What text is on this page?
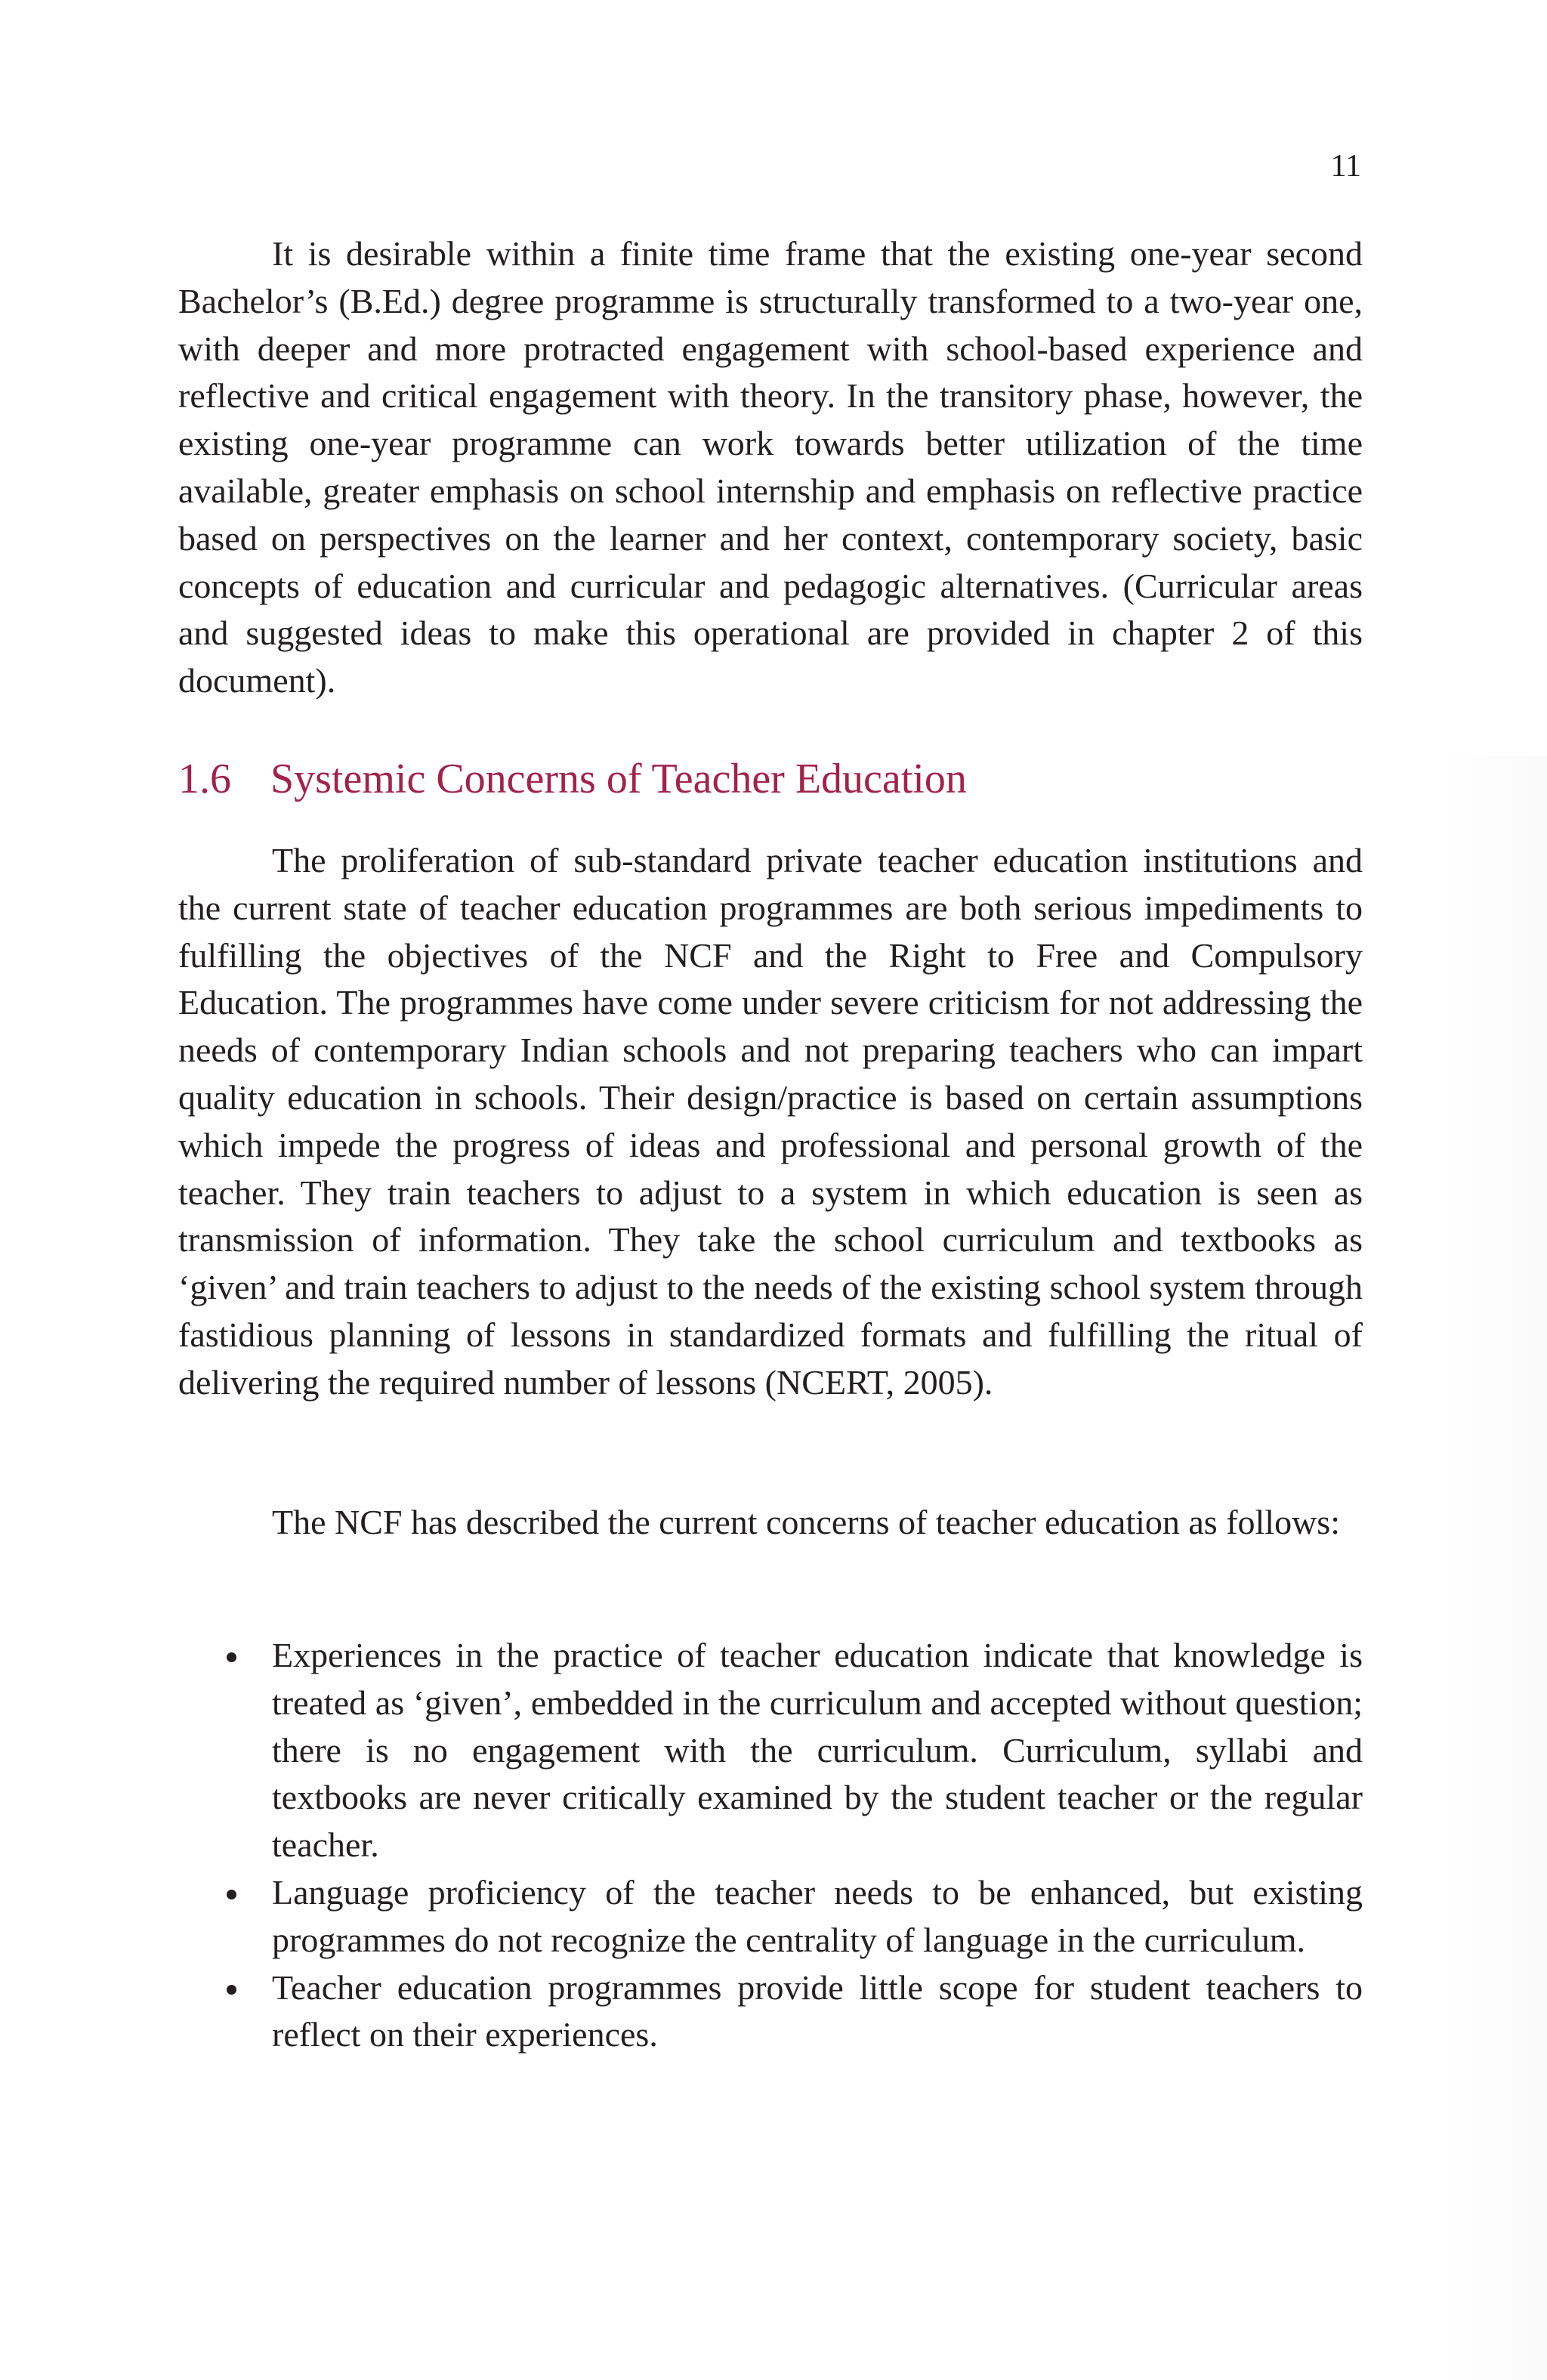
11

It is desirable within a finite time frame that the existing one-year second Bachelor’s (B.Ed.) degree programme is structurally transformed to a two-year one, with deeper and more protracted engagement with school-based experience and reflective and critical engagement with theory. In the transitory phase, however, the existing one-year programme can work towards better utilization of the time available, greater emphasis on school internship and emphasis on reflective practice based on perspectives on the learner and her context, contemporary society, basic concepts of education and curricular and pedagogic alternatives. (Curricular areas and suggested ideas to make this operational are provided in chapter 2 of this document).

1.6 Systemic Concerns of Teacher Education

The proliferation of sub-standard private teacher education institutions and the current state of teacher education programmes are both serious impediments to fulfilling the objectives of the NCF and the Right to Free and Compulsory Education. The programmes have come under severe criticism for not addressing the needs of contemporary Indian schools and not preparing teachers who can impart quality education in schools. Their design/practice is based on certain assumptions which impede the progress of ideas and professional and personal growth of the teacher. They train teachers to adjust to a system in which education is seen as transmission of information. They take the school curriculum and textbooks as ‘given’ and train teachers to adjust to the needs of the existing school system through fastidious planning of lessons in standardized formats and fulfilling the ritual of delivering the required number of lessons (NCERT, 2005).

The NCF has described the current concerns of teacher education as follows:

Experiences in the practice of teacher education indicate that knowledge is treated as ‘given’, embedded in the curriculum and accepted without question; there is no engagement with the curriculum. Curriculum, syllabi and textbooks are never critically examined by the student teacher or the regular teacher.
Language proficiency of the teacher needs to be enhanced, but existing programmes do not recognize the centrality of language in the curriculum.
Teacher education programmes provide little scope for student teachers to reflect on their experiences.
